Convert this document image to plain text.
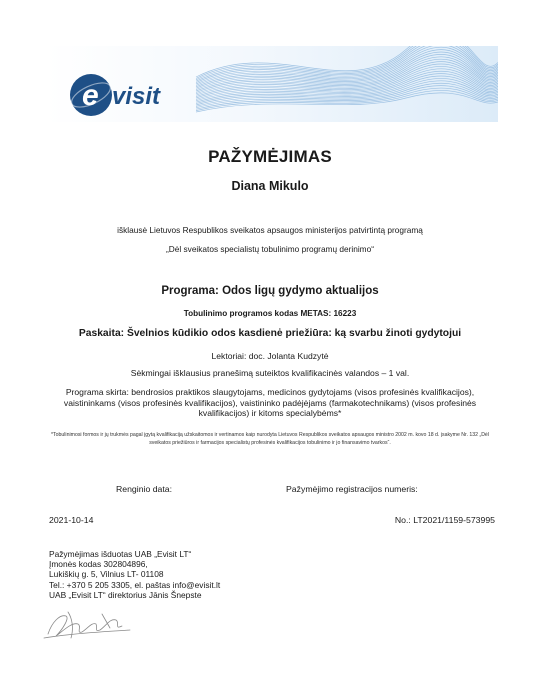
e visit

PAŽYMĖJIMAS

Diana Mikulo

išklausė Lietuvos Respublikos sveikatos apsaugos ministerijos patvirtintą programą

„Dėl sveikatos specialistų tobulinimo programų derinimo“

Programa: Odos ligų gydymo aktualijos

Tobulinimo programos kodas METAS: 16223

Paskaita: Švelnios kūdikio odos kasdienė priežiūra: ką svarbu žinoti gydytojui

Lektoriai: doc. Jolanta Kudzytė

Sėkmingai išklausius pranešimą suteiktos kvalifikacinės valandos – 1 val.

Programa skirta: bendrosios praktikos slaugytojams, medicinos gydytojams (visos profesinės kvalifikacijos), vaistininkams (visos profesinės kvalifikacijos), vaistininko padėjėjams (farmakotechnikams) (visos profesinės kvalifikacijos) ir kitoms specialybėms*

*Tobulinimosi formos ir jų trukmės pagal įgytą kvalifikaciją užskaitomos ir vertinamos kaip nurodyta Lietuvos Respublikos sveikatos apsaugos ministro 2002 m. kovo 18 d. įsakyme Nr. 132 „Dėl sveikatos priežiūros ir farmacijos specialistų profesinės kvalifikacijos tobulinimo ir jo finansavimo tvarkos“.

Renginio data:	Pažymėjimo registracijos numeris:
2021-10-14	No.: LT2021/1159-573995
Pažymėjimas išduotas UAB „Evisit LT“
Įmonės kodas 302804896,
Lukiškių g. 5, Vilnius LT- 01108
Tel.: +370 5 205 3305, el. paštas info@evisit.lt
UAB „Evisit LT“ direktorius Jānis Šnepste
